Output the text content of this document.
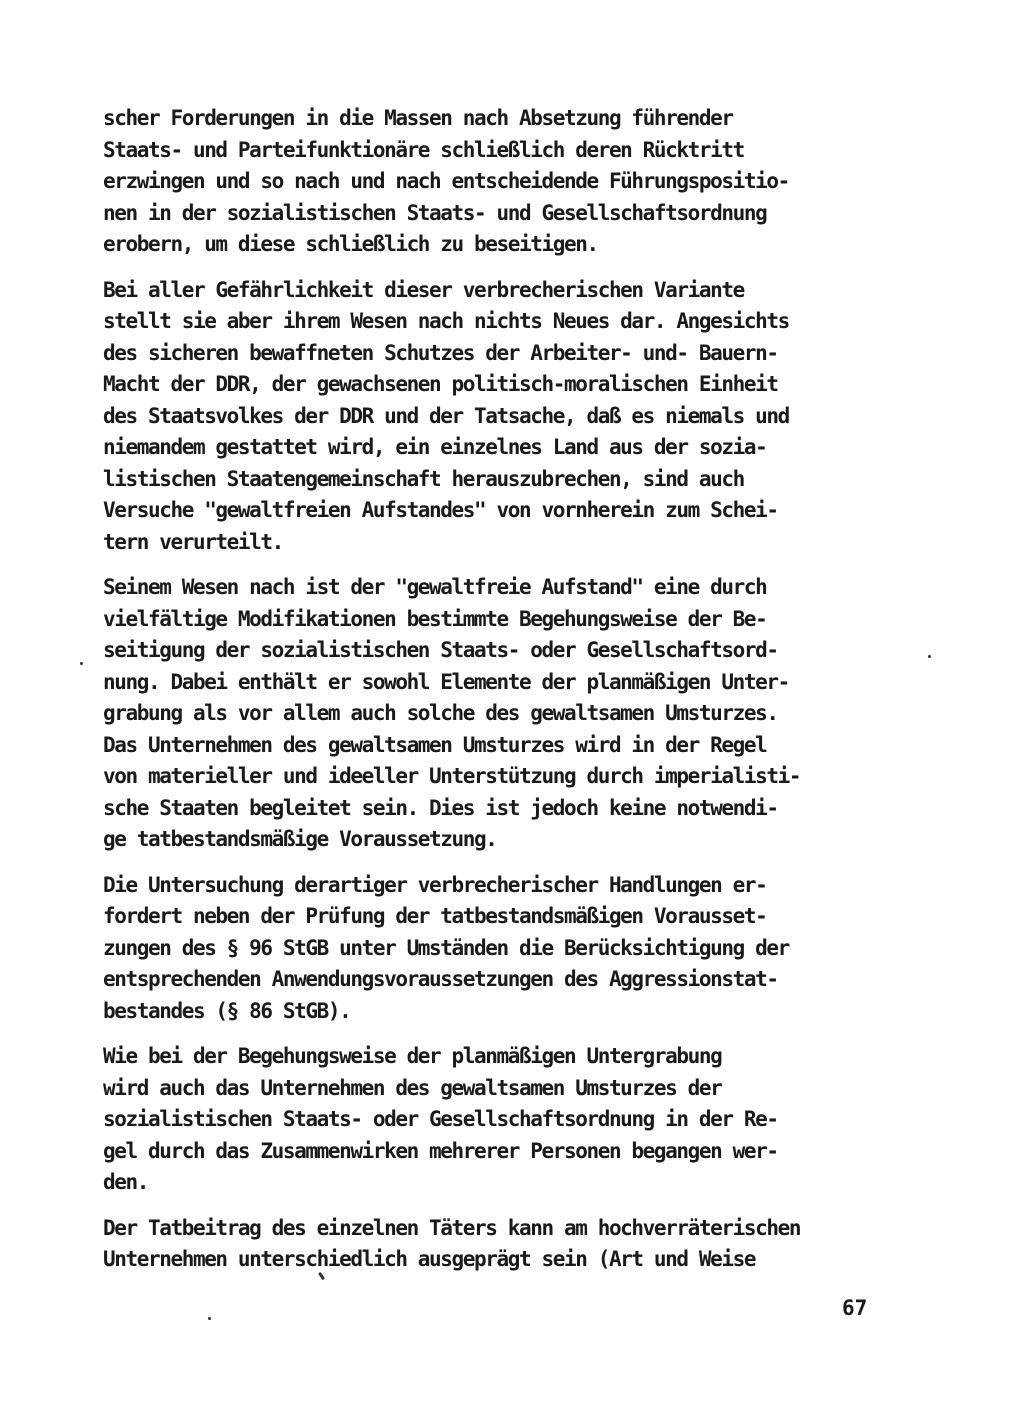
scher Forderungen in die Massen nach Absetzung führender
Staats- und Parteifunktionäre schließlich deren Rücktritt
erzwingen und so nach und nach entscheidende Führungspositio-
nen in der sozialistischen Staats- und Gesellschaftsordnung
erobern, um diese schließlich zu beseitigen.
Bei aller Gefährlichkeit dieser verbrecherischen Variante
stellt sie aber ihrem Wesen nach nichts Neues dar. Angesichts
des sicheren bewaffneten Schutzes der Arbeiter- und- Bauern-
Macht der DDR, der gewachsenen politisch-moralischen Einheit
des Staatsvolkes der DDR und der Tatsache, daß es niemals und
niemandem gestattet wird, ein einzelnes Land aus der sozia-
listischen Staatengemeinschaft herauszubrechen, sind auch
Versuche "gewaltfreien Aufstandes" von vornherein zum Schei-
tern verurteilt.
Seinem Wesen nach ist der "gewaltfreie Aufstand" eine durch
vielfältige Modifikationen bestimmte Begehungsweise der Be-
seitigung der sozialistischen Staats- oder Gesellschaftsord-
nung. Dabei enthält er sowohl Elemente der planmäßigen Unter-
grabung als vor allem auch solche des gewaltsamen Umsturzes.
Das Unternehmen des gewaltsamen Umsturzes wird in der Regel
von materieller und ideeller Unterstützung durch imperialisti-
sche Staaten begleitet sein. Dies ist jedoch keine notwendi-
ge tatbestandsmäßige Voraussetzung.
Die Untersuchung derartiger verbrecherischer Handlungen er-
fordert neben der Prüfung der tatbestandsmäßigen Vorausset-
zungen des § 96 StGB unter Umständen die Berücksichtigung der
entsprechenden Anwendungsvoraussetzungen des Aggressionstat-
bestandes (§ 86 StGB).
Wie bei der Begehungsweise der planmäßigen Untergrabung
wird auch das Unternehmen des gewaltsamen Umsturzes der
sozialistischen Staats- oder Gesellschaftsordnung in der Re-
gel durch das Zusammenwirken mehrerer Personen begangen wer-
den.
Der Tatbeitrag des einzelnen Täters kann am hochverräterischen
Unternehmen unterschiedlich ausgeprägt sein (Art und Weise
67
